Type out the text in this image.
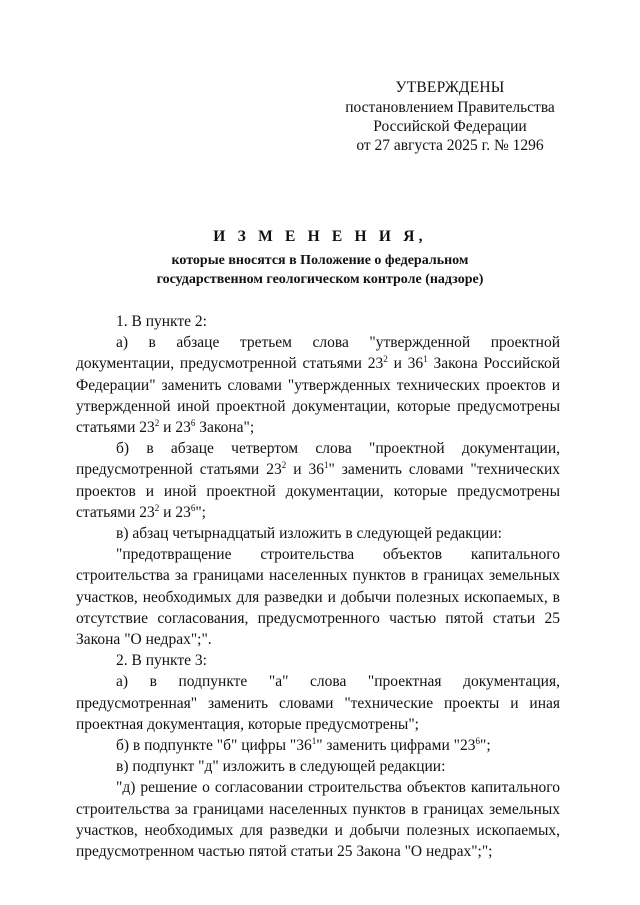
УТВЕРЖДЕНЫ
постановлением Правительства
Российской Федерации
от 27 августа 2025 г. № 1296
И З М Е Н Е Н И Я,
которые вносятся в Положение о федеральном
государственном геологическом контроле (надзоре)

1. В пункте 2:

а) в абзаце третьем слова "утвержденной проектной документации, предусмотренной статьями $23^2$ и $36^1$ Закона Российской Федерации" заменить словами "утвержденных технических проектов и утвержденной иной проектной документации, которые предусмотрены статьями $23^2$ и $23^6$ Закона";

б) в абзаце четвертом слова "проектной документации, предусмотренной статьями $23^2$ и $36^1$" заменить словами "технических проектов и иной проектной документации, которые предусмотрены статьями $23^2$ и $23^6$";

в) абзац четырнадцатый изложить в следующей редакции:

"предотвращение строительства объектов капитального строительства за границами населенных пунктов в границах земельных участков, необходимых для разведки и добычи полезных ископаемых, в отсутствие согласования, предусмотренного частью пятой статьи 25 Закона "О недрах";".

2. В пункте 3:

а) в подпункте "а" слова "проектная документация, предусмотренная" заменить словами "технические проекты и иная проектная документация, которые предусмотрены";

б) в подпункте "б" цифры "$36^1$" заменить цифрами "$23^6$";

в) подпункт "д" изложить в следующей редакции:

"д) решение о согласовании строительства объектов капитального строительства за границами населенных пунктов в границах земельных участков, необходимых для разведки и добычи полезных ископаемых, предусмотренном частью пятой статьи 25 Закона "О недрах";";
